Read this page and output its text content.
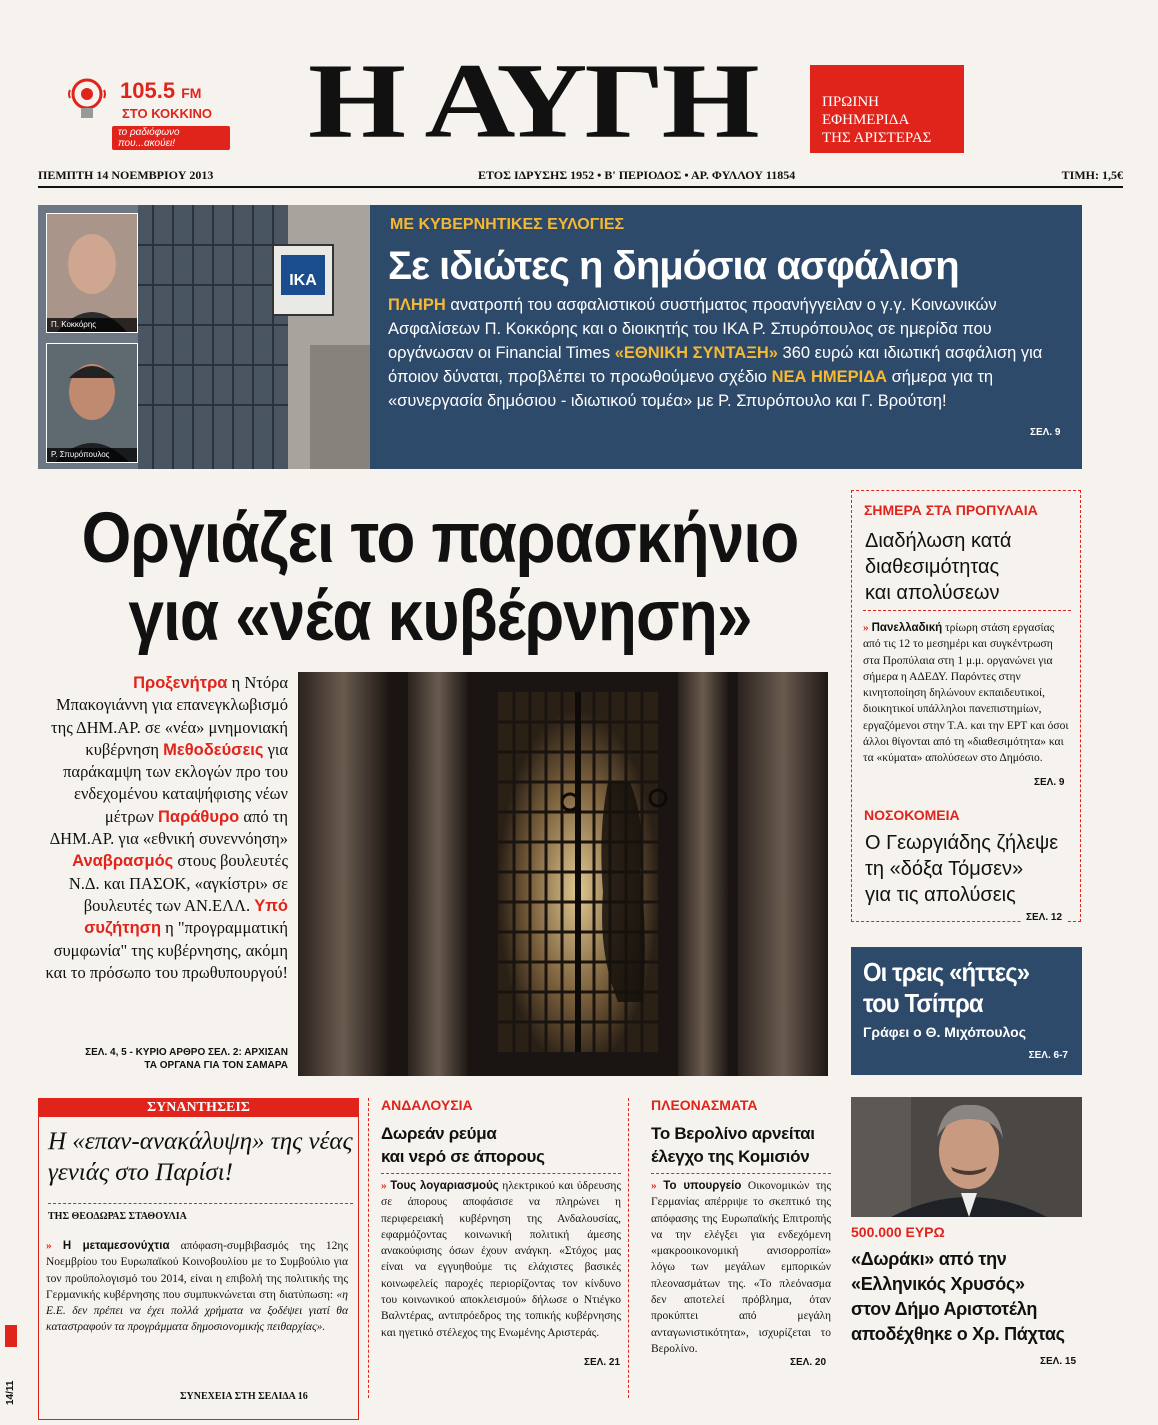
105.5 FM
ΣΤΟ ΚΟΚΚΙΝΟ
το ραδιόφωνο που...ακούει!	Η ΑΥΓΗ	ΠΡΩΙΝΗ
ΕΦΗΜΕΡΙΔΑ
ΤΗΣ ΑΡΙΣΤΕΡΑΣ
ΠΕΜΠΤΗ 14 ΝΟΕΜΒΡΙΟΥ 2013	ΕΤΟΣ ΙΔΡΥΣΗΣ 1952 • Β' ΠΕΡΙΟΔΟΣ • ΑΡ. ΦΥΛΛΟΥ 11854	ΤΙΜΗ: 1,5€
ΙΚΑ
Π. Κοκκόρης
Ρ. Σπυρόπουλος
ΜΕ ΚΥΒΕΡΝΗΤΙΚΕΣ ΕΥΛΟΓΙΕΣ
Σε ιδιώτες η δημόσια ασφάλιση
ΠΛΗΡΗ ανατροπή του ασφαλιστικού συστήματος προανήγγειλαν ο γ.γ. Κοινωνικών Ασφαλίσεων Π. Κοκκόρης και ο διοικητής του ΙΚΑ Ρ. Σπυρόπουλος σε ημερίδα που οργάνωσαν οι Financial Times «ΕΘΝΙΚΗ ΣΥΝΤΑΞΗ» 360 ευρώ και ιδιωτική ασφάλιση για όποιον δύναται, προβλέπει το προωθούμενο σχέδιο ΝΕΑ ΗΜΕΡΙΔΑ σήμερα για τη «συνεργασία δημόσιου - ιδιωτικού τομέα» με Ρ. Σπυρόπουλο και Γ. Βρούτση!
ΣΕΛ. 9
Οργιάζει το παρασκήνιο
για «νέα κυβέρνηση»
Προξενήτρα η Ντόρα Μπακογιάννη για επανεγκλωβισμό της ΔΗΜ.ΑΡ. σε «νέα» μνημονιακή κυβέρνηση Μεθοδεύσεις για παράκαμψη των εκλογών προ του ενδεχομένου καταψήφισης νέων μέτρων Παράθυρο από τη ΔΗΜ.ΑΡ. για «εθνική συνεννόηση» Αναβρασμός στους βουλευτές Ν.Δ. και ΠΑΣΟΚ, «αγκίστρι» σε βουλευτές των ΑΝ.ΕΛΛ. Υπό συζήτηση η "προγραμματική συμφωνία" της κυβέρνησης, ακόμη και το πρόσωπο του πρωθυπουργού!
ΣΕΛ. 4, 5 - ΚΥΡΙΟ ΑΡΘΡΟ ΣΕΛ. 2: ΑΡΧΙΣΑΝ
ΤΑ ΟΡΓΑΝΑ ΓΙΑ ΤΟΝ ΣΑΜΑΡΑ
ΣΗΜΕΡΑ ΣΤΑ ΠΡΟΠΥΛΑΙΑ
Διαδήλωση κατά
διαθεσιμότητας
και απολύσεων
» Πανελλαδική τρίωρη στάση εργασίας από τις 12 το μεσημέρι και συγκέντρωση στα Προπύλαια στη 1 μ.μ. οργανώνει για σήμερα η ΑΔΕΔΥ. Παρόντες στην κινητοποίηση δηλώνουν εκπαιδευτικοί, διοικητικοί υπάλληλοι πανεπιστημίων, εργαζόμενοι στην Τ.Α. και την ΕΡΤ και όσοι άλλοι θίγονται από τη «διαθεσιμότητα» και τα «κύματα» απολύσεων στο Δημόσιο.
ΣΕΛ. 9
ΝΟΣΟΚΟΜΕΙΑ
Ο Γεωργιάδης ζήλεψε
τη «δόξα Τόμσεν»
για τις απολύσεις
ΣΕΛ. 12
Οι τρεις «ήττες»
του Τσίπρα
Γράφει ο Θ. Μιχόπουλος
ΣΕΛ. 6-7
ΣΥΝΑΝΤΗΣΕΙΣ
Η «επαν-ανακάλυψη» της νέας γενιάς στο Παρίσι!
ΤΗΣ ΘΕΟΔΩΡΑΣ ΣΤΑΘΟΥΛΙΑ
» Η μεταμεσονύχτια απόφαση-συμβιβασμός της 12ης Νοεμβρίου του Ευρωπαϊκού Κοινοβουλίου με το Συμβούλιο για τον προϋπολογισμό του 2014, είναι η επιβολή της πολιτικής της Γερμανικής κυβέρνησης που συμπυκνώνεται στη διατύπωση: «η Ε.Ε. δεν πρέπει να έχει πολλά χρήματα να ξοδέψει γιατί θα καταστραφούν τα προγράμματα δημοσιονομικής πειθαρχίας».
ΣΥΝΕΧΕΙΑ ΣΤΗ ΣΕΛΙΔΑ 16
ΑΝΔΑΛΟΥΣΙΑ
Δωρεάν ρεύμα
και νερό σε άπορους
» Τους λογαριασμούς ηλεκτρικού και ύδρευσης σε άπορους αποφάσισε να πληρώνει η περιφερειακή κυβέρνηση της Ανδαλουσίας, εφαρμόζοντας κοινωνική πολιτική άμεσης ανακούφισης όσων έχουν ανάγκη. «Στόχος μας είναι να εγγυηθούμε τις ελάχιστες βασικές κοινωφελείς παροχές περιορίζοντας τον κίνδυνο του κοινωνικού αποκλεισμού» δήλωσε ο Ντιέγκο Βαλντέρας, αντιπρόεδρος της τοπικής κυβέρνησης και ηγετικό στέλεχος της Ενωμένης Αριστεράς.
ΣΕΛ. 21
ΠΛΕΟΝΑΣΜΑΤΑ
Το Βερολίνο αρνείται
έλεγχο της Κομισιόν
» Το υπουργείο Οικονομικών της Γερμανίας απέρριψε το σκεπτικό της απόφασης της Ευρωπαϊκής Επιτροπής να την ελέγξει για ενδεχόμενη «μακροοικονομική ανισορροπία» λόγω των μεγάλων εμπορικών πλεονασμάτων της. «Το πλεόνασμα δεν αποτελεί πρόβλημα, όταν προκύπτει από μεγάλη ανταγωνιστικότητα», ισχυρίζεται το Βερολίνο.
ΣΕΛ. 20
500.000 ΕΥΡΩ
«Δωράκι» από την
«Ελληνικός Χρυσός»
στον Δήμο Αριστοτέλη
αποδέχθηκε ο Χρ. Πάχτας
ΣΕΛ. 15
14/11
